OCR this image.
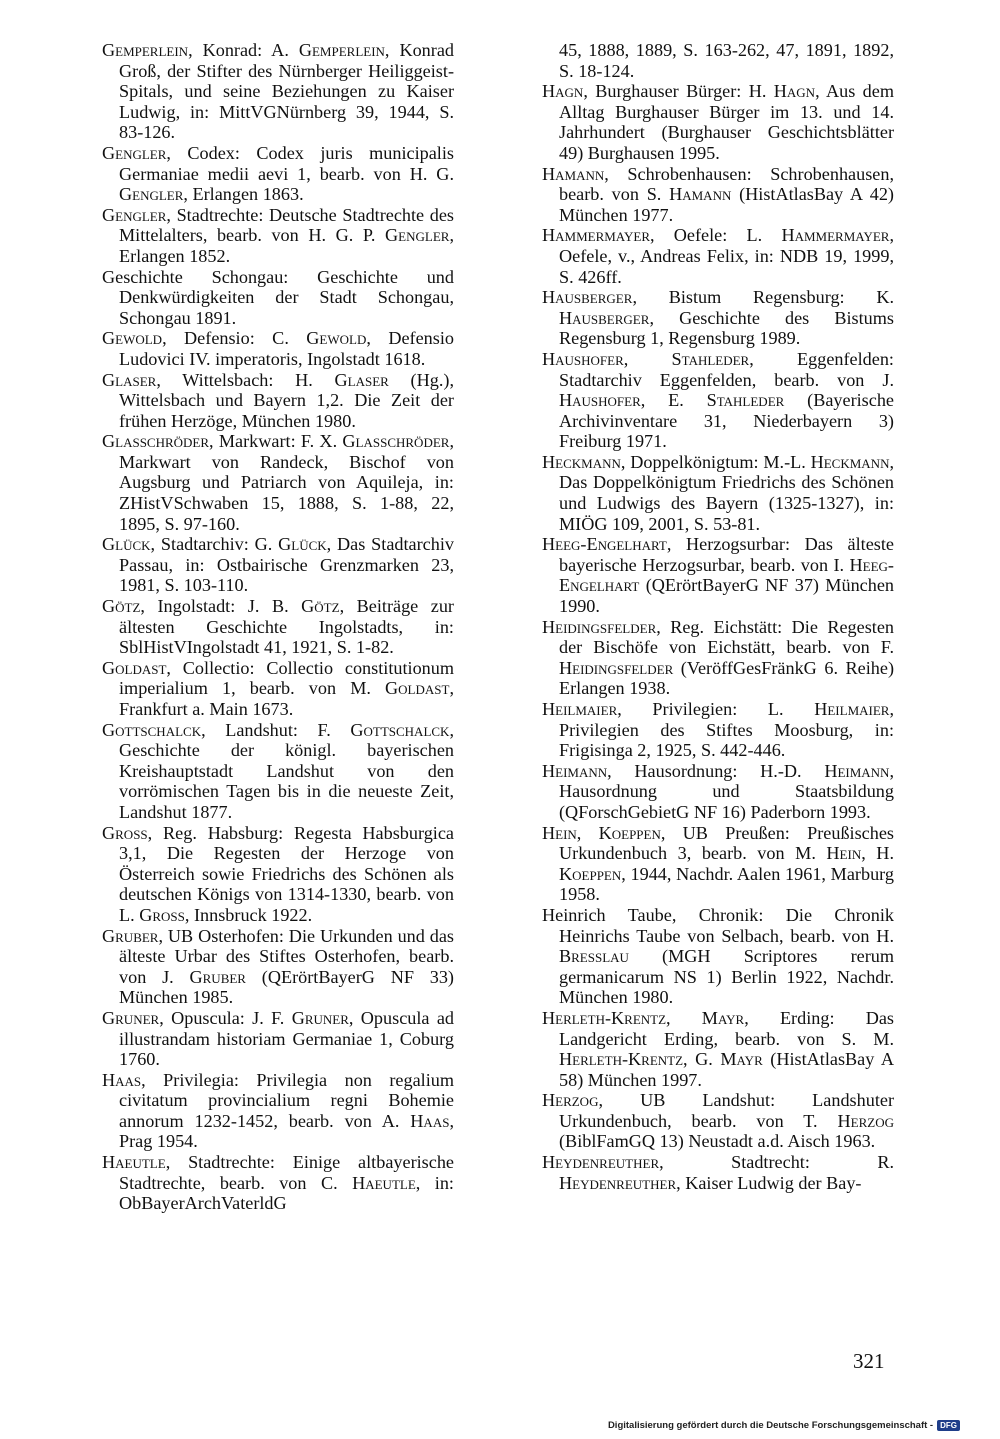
Gemperlein, Konrad: A. Gemperlein, Konrad Groß, der Stifter des Nürnberger Heiliggeist-Spitals, und seine Beziehungen zu Kaiser Ludwig, in: MittVGNürnberg 39, 1944, S. 83-126.

Gengler, Codex: Codex juris municipalis Germaniae medii aevi 1, bearb. von H. G. Gengler, Erlangen 1863.

Gengler, Stadtrechte: Deutsche Stadtrechte des Mittelalters, bearb. von H. G. P. Gengler, Erlangen 1852.

Geschichte Schongau: Geschichte und Denkwürdigkeiten der Stadt Schongau, Schongau 1891.

Gewold, Defensio: C. Gewold, Defensio Ludovici IV. imperatoris, Ingolstadt 1618.

Glaser, Wittelsbach: H. Glaser (Hg.), Wittelsbach und Bayern 1,2. Die Zeit der frühen Herzöge, München 1980.

Glasschröder, Markwart: F. X. Glasschröder, Markwart von Randeck, Bischof von Augsburg und Patriarch von Aquileja, in: ZHistVSchwaben 15, 1888, S. 1-88, 22, 1895, S. 97-160.

Glück, Stadtarchiv: G. Glück, Das Stadtarchiv Passau, in: Ostbairische Grenzmarken 23, 1981, S. 103-110.

Götz, Ingolstadt: J. B. Götz, Beiträge zur ältesten Geschichte Ingolstadts, in: SblHistVIngolstadt 41, 1921, S. 1-82.

Goldast, Collectio: Collectio constitutionum imperialium 1, bearb. von M. Goldast, Frankfurt a. Main 1673.

Gottschalck, Landshut: F. Gottschalck, Geschichte der königl. bayerischen Kreishauptstadt Landshut von den vorrömischen Tagen bis in die neueste Zeit, Landshut 1877.

Gross, Reg. Habsburg: Regesta Habsburgica 3,1, Die Regesten der Herzoge von Österreich sowie Friedrichs des Schönen als deutschen Königs von 1314-1330, bearb. von L. Gross, Innsbruck 1922.

Gruber, UB Osterhofen: Die Urkunden und das älteste Urbar des Stiftes Osterhofen, bearb. von J. Gruber (QErörtBayerG NF 33) München 1985.

Gruner, Opuscula: J. F. Gruner, Opuscula ad illustrandam historiam Germaniae 1, Coburg 1760.

Haas, Privilegia: Privilegia non regalium civitatum provincialium regni Bohemie annorum 1232-1452, bearb. von A. Haas, Prag 1954.

Haeutle, Stadtrechte: Einige altbayerische Stadtrechte, bearb. von C. Haeutle, in: ObBayerArchVaterldG

45, 1888, 1889, S. 163-262, 47, 1891, 1892, S. 18-124.

Hagn, Burghauser Bürger: H. Hagn, Aus dem Alltag Burghauser Bürger im 13. und 14. Jahrhundert (Burghauser Geschichtsblätter 49) Burghausen 1995.

Hamann, Schrobenhausen: Schrobenhausen, bearb. von S. Hamann (HistAtlasBay A 42) München 1977.

Hammermayer, Oefele: L. Hammermayer, Oefele, v., Andreas Felix, in: NDB 19, 1999, S. 426ff.

Hausberger, Bistum Regensburg: K. Hausberger, Geschichte des Bistums Regensburg 1, Regensburg 1989.

Haushofer, Stahleder, Eggenfelden: Stadtarchiv Eggenfelden, bearb. von J. Haushofer, E. Stahleder (Bayerische Archivinventare 31, Niederbayern 3) Freiburg 1971.

Heckmann, Doppelkönigtum: M.-L. Heckmann, Das Doppelkönigtum Friedrichs des Schönen und Ludwigs des Bayern (1325-1327), in: MIÖG 109, 2001, S. 53-81.

Heeg-Engelhart, Herzogsurbar: Das älteste bayerische Herzogsurbar, bearb. von I. Heeg-Engelhart (QErörtBayerG NF 37) München 1990.

Heidingsfelder, Reg. Eichstätt: Die Regesten der Bischöfe von Eichstätt, bearb. von F. Heidingsfelder (VeröffGesFränkG 6. Reihe) Erlangen 1938.

Heilmaier, Privilegien: L. Heilmaier, Privilegien des Stiftes Moosburg, in: Frigisinga 2, 1925, S. 442-446.

Heimann, Hausordnung: H.-D. Heimann, Hausordnung und Staatsbildung (QForschGebietG NF 16) Paderborn 1993.

Hein, Koeppen, UB Preußen: Preußisches Urkundenbuch 3, bearb. von M. Hein, H. Koeppen, 1944, Nachdr. Aalen 1961, Marburg 1958.

Heinrich Taube, Chronik: Die Chronik Heinrichs Taube von Selbach, bearb. von H. Bresslau (MGH Scriptores rerum germanicarum NS 1) Berlin 1922, Nachdr. München 1980.

Herleth-Krentz, Mayr, Erding: Das Landgericht Erding, bearb. von S. M. Herleth-Krentz, G. Mayr (HistAtlasBay A 58) München 1997.

Herzog, UB Landshut: Landshuter Urkundenbuch, bearb. von T. Herzog (BiblFamGQ 13) Neustadt a.d. Aisch 1963.

Heydenreuther, Stadtrecht: R. Heydenreuther, Kaiser Ludwig der Bay-

321
Digitalisierung gefördert durch die Deutsche Forschungsgemeinschaft - DFG
